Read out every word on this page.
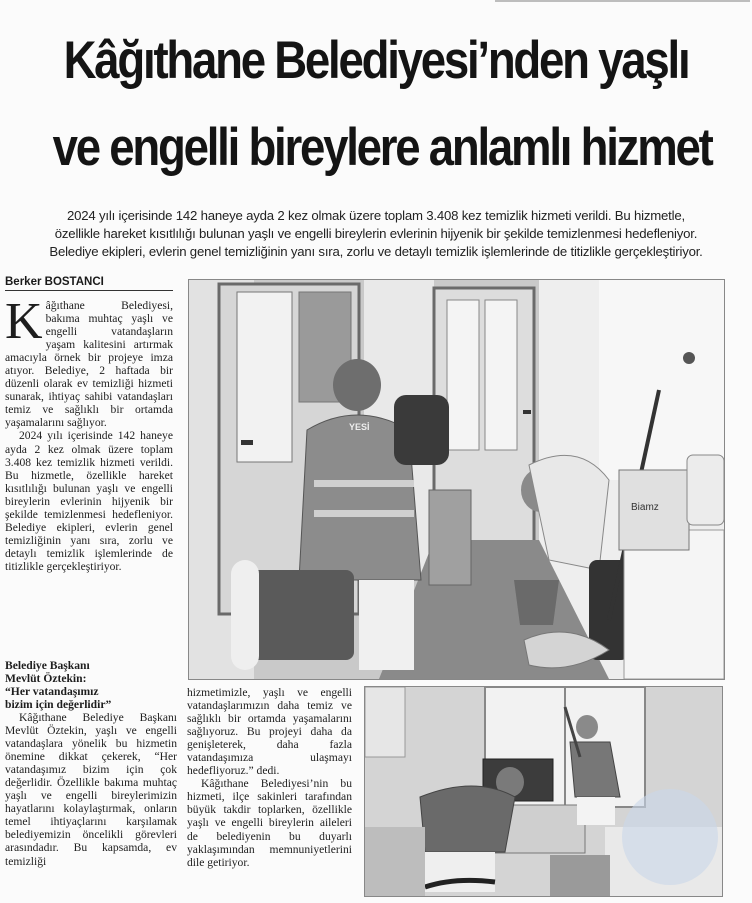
Kâğıthane Belediyesi’nden yaşlı
ve engelli bireylere anlamlı hizmet
2024 yılı içerisinde 142 haneye ayda 2 kez olmak üzere toplam 3.408 kez temizlik hizmeti verildi. Bu hizmetle,
özellikle hareket kısıtlılığı bulunan yaşlı ve engelli bireylerin evlerinin hijyenik bir şekilde temizlenmesi hedefleniyor.
Belediye ekipleri, evlerin genel temizliğinin yanı sıra, zorlu ve detaylı temizlik işlemlerinde de titizlikle gerçekleştiriyor.
Berker BOSTANCI

Kâğıthane Belediyesi, bakıma muhtaç yaşlı ve engelli vatandaşların yaşam kalitesini artırmak amacıyla örnek bir projeye imza atıyor. Belediye, 2 haftada bir düzenli olarak ev temizliği hizmeti sunarak, ihtiyaç sahibi vatandaşları temiz ve sağlıklı bir ortamda yaşamalarını sağlıyor.

2024 yılı içerisinde 142 haneye ayda 2 kez olmak üzere toplam 3.408 kez temizlik hizmeti verildi. Bu hizmetle, özellikle hareket kısıtlılığı bulunan yaşlı ve engelli bireylerin evlerinin hijyenik bir şekilde temizlenmesi hedefleniyor. Belediye ekipleri, evlerin genel temizliğinin yanı sıra, zorlu ve detaylı temizlik işlemlerinde de titizlikle gerçekleştiriyor.

Belediye Başkanı

Mevlüt Öztekin:

“Her vatandaşımız

bizim için değerlidir”

Kâğıthane Belediye Başkanı Mevlüt Öztekin, yaşlı ve engelli vatandaşlara yönelik bu hizmetin önemine dikkat çekerek, “Her vatandaşımız bizim için çok değerlidir. Özellikle bakıma muhtaç yaşlı ve engelli bireylerimizin hayatlarını kolaylaştırmak, onların temel ihtiyaçlarını karşılamak belediyemizin öncelikli görevleri arasındadır. Bu kapsamda, ev temizliği

hizmetimizle, yaşlı ve engelli vatandaşlarımızın daha temiz ve sağlıklı bir ortamda yaşamalarını sağlıyoruz. Bu projeyi daha da genişleterek, daha fazla vatandaşımıza ulaşmayı hedefliyoruz.” dedi.

Kâğıthane Belediyesi’nin bu hizmeti, ilçe sakinleri tarafından büyük takdir toplarken, özellikle yaşlı ve engelli bireylerin aileleri de belediyenin bu duyarlı yaklaşımından memnuniyetlerini dile getiriyor.

YESİ
Biamz
